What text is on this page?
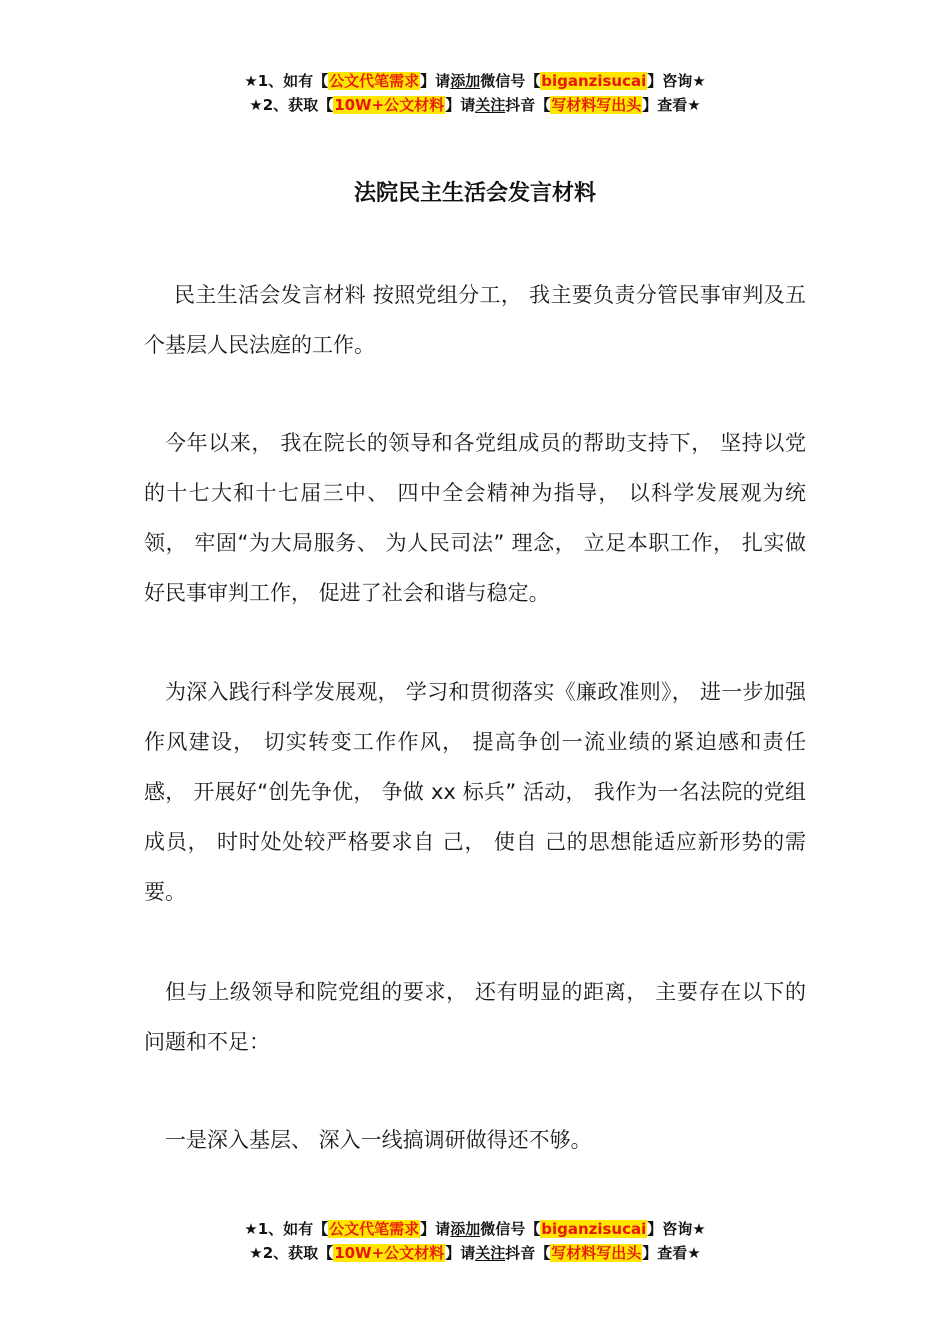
★1、如有【公文代笔需求】请添加微信号【biganzisucai】咨询★
★2、获取【10W+公文材料】请关注抖音【写材料写出头】查看★
法院民主生活会发言材料

民主生活会发言材料 按照党组分工， 我主要负责分管民事审判及五个基层人民法庭的工作。

今年以来， 我在院长的领导和各党组成员的帮助支持下， 坚持以党的十七大和十七届三中、 四中全会精神为指导， 以科学发展观为统领， 牢固“为大局服务、 为人民司法” 理念， 立足本职工作， 扎实做好民事审判工作， 促进了社会和谐与稳定。

为深入践行科学发展观， 学习和贯彻落实《廉政准则》， 进一步加强作风建设， 切实转变工作作风， 提高争创一流业绩的紧迫感和责任感， 开展好“创先争优， 争做 xx 标兵” 活动， 我作为一名法院的党组成员， 时时处处较严格要求自 己， 使自 己的思想能适应新形势的需要。

但与上级领导和院党组的要求， 还有明显的距离， 主要存在以下的问题和不足：

一是深入基层、 深入一线搞调研做得还不够。

★1、如有【公文代笔需求】请添加微信号【biganzisucai】咨询★
★2、获取【10W+公文材料】请关注抖音【写材料写出头】查看★
